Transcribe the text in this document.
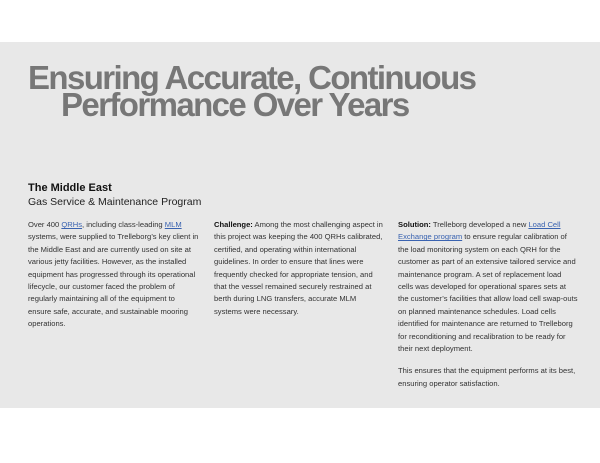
Ensuring Accurate, Continuous
Performance Over Years
The Middle East
Gas Service & Maintenance Program

Over 400 QRHs, including class-leading MLM systems, were supplied to Trelleborg’s key client in the Middle East and are currently used on site at various jetty facilities. However, as the installed equipment has progressed through its operational lifecycle, our customer faced the problem of regularly maintaining all of the equipment to ensure safe, accurate, and sustainable mooring operations.

Challenge: Among the most challenging aspect in this project was keeping the 400 QRHs calibrated, certified, and operating within international guidelines. In order to ensure that lines were frequently checked for appropriate tension, and that the vessel remained securely restrained at berth during LNG transfers, accurate MLM systems were necessary.

Solution: Trelleborg developed a new Load Cell Exchange program to ensure regular calibration of the load monitoring system on each QRH for the customer as part of an extensive tailored service and maintenance program. A set of replacement load cells was developed for operational spares sets at the customer’s facilities that allow load cell swap-outs on planned maintenance schedules. Load cells identified for maintenance are returned to Trelleborg for reconditioning and recalibration to be ready for their next deployment.

This ensures that the equipment performs at its best, ensuring operator satisfaction.
